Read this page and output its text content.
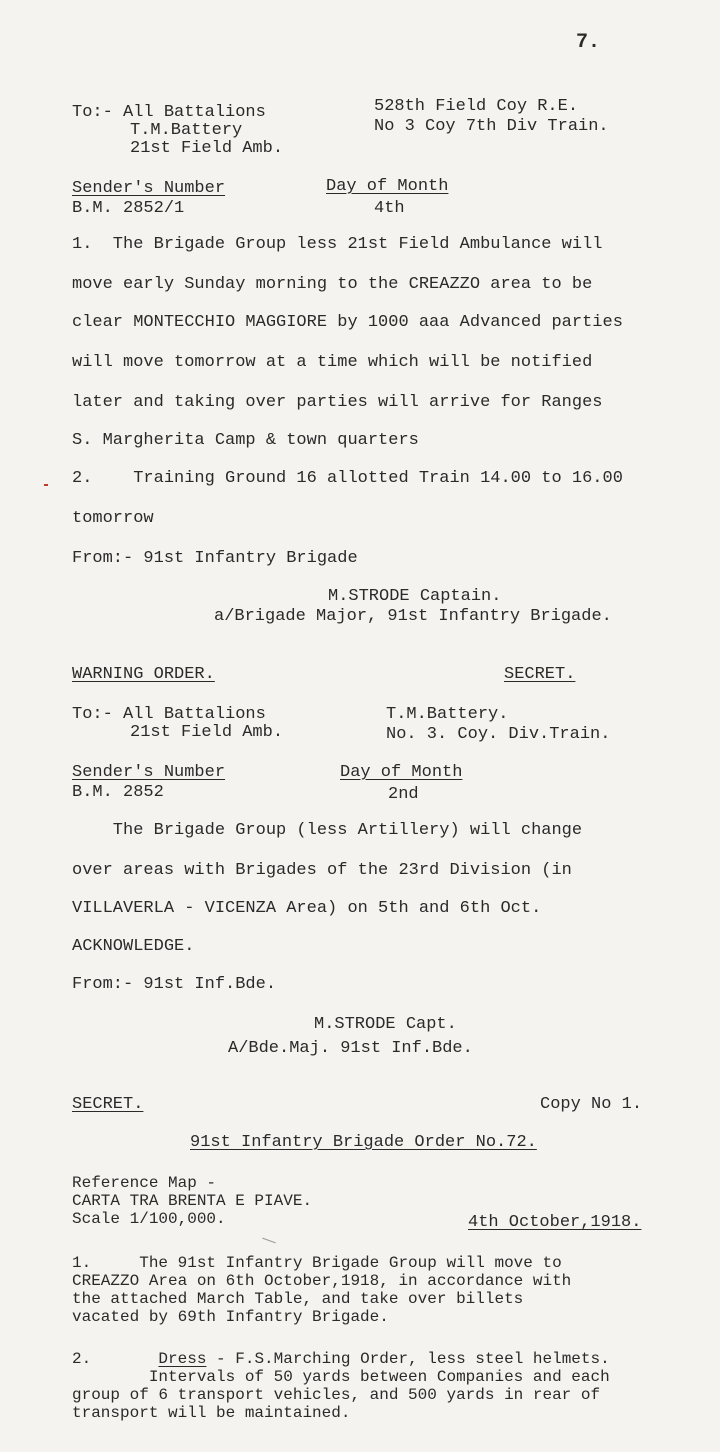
7.
To:- All Battalions
T.M.Battery
21st Field Amb.
528th Field Coy R.E.
No 3 Coy 7th Div Train.
Sender's Number
B.M. 2852/1
Day of Month
4th
1.  The Brigade Group less 21st Field Ambulance will
move early Sunday morning to the CREAZZO area to be
clear MONTECCHIO MAGGIORE by 1000 aaa Advanced parties
will move tomorrow at a time which will be notified
later and taking over parties will arrive for Ranges
S. Margherita Camp & town quarters
2.    Training Ground 16 allotted Train 14.00 to 16.00
tomorrow
From:- 91st Infantry Brigade
M.STRODE Captain.
a/Brigade Major, 91st Infantry Brigade.
WARNING ORDER.	SECRET.
To:- All Battalions
21st Field Amb.
T.M.Battery.
No. 3. Coy. Div.Train.
Sender's Number
B.M. 2852
Day of Month
2nd
The Brigade Group (less Artillery) will change
over areas with Brigades of the 23rd Division (in
VILLAVERLA - VICENZA Area) on 5th and 6th Oct.
ACKNOWLEDGE.
From:- 91st Inf.Bde.
M.STRODE Capt.
A/Bde.Maj. 91st Inf.Bde.
SECRET.	Copy No 1.
91st Infantry Brigade Order No.72.
Reference Map -
CARTA TRA BRENTA E PIAVE.
Scale 1/100,000.	4th October,1918.
1.     The 91st Infantry Brigade Group will move to
CREAZZO Area on 6th October,1918, in accordance with
the attached March Table, and take over billets
vacated by 69th Infantry Brigade.
2.	Dress - F.S.Marching Order, less steel helmets.
Intervals of 50 yards between Companies and each
group of 6 transport vehicles, and 500 yards in rear of
transport will be maintained.
